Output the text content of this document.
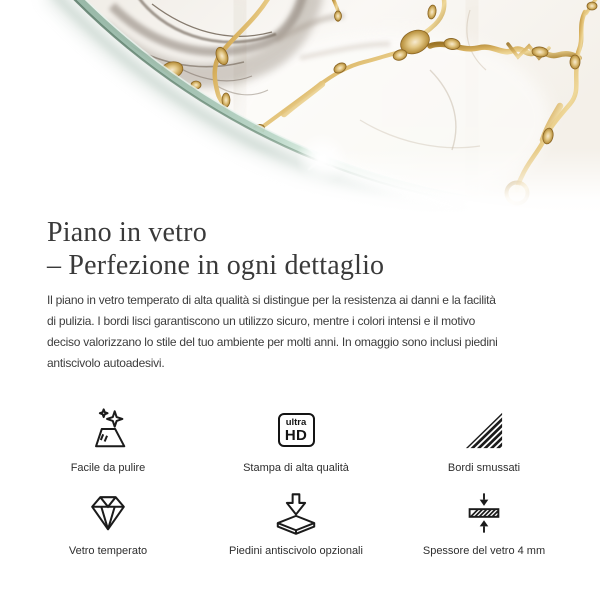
Piano in vetro
– Perfezione in ogni dettaglio

Il piano in vetro temperato di alta qualità si distingue per la resistenza ai danni e la facilità
di pulizia. I bordi lisci garantiscono un utilizzo sicuro, mentre i colori intensi e il motivo
deciso valorizzano lo stile del tuo ambiente per molti anni. In omaggio sono inclusi piedini
antiscivolo autoadesivi.

Facile da pulire
ultra
HD
Stampa di alta qualità	Bordi smussati
Vetro temperato	Piedini antiscivolo opzionali	Spessore del vetro 4 mm
